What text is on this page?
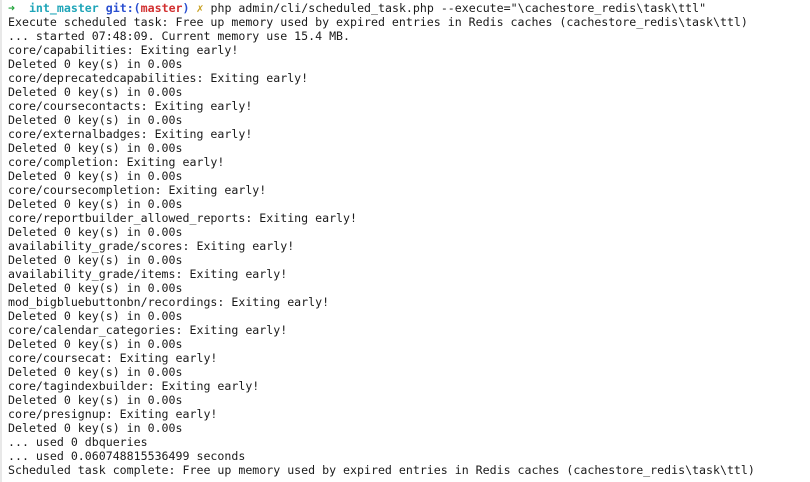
➜ int_master git:(master) ✗ php admin/cli/scheduled_task.php --execute="\cachestore_redis\task\ttl"
Execute scheduled task: Free up memory used by expired entries in Redis caches (cachestore_redis\task\ttl)
... started 07:48:09. Current memory use 15.4 MB.
core/capabilities: Exiting early!
Deleted 0 key(s) in 0.00s
core/deprecatedcapabilities: Exiting early!
Deleted 0 key(s) in 0.00s
core/coursecontacts: Exiting early!
Deleted 0 key(s) in 0.00s
core/externalbadges: Exiting early!
Deleted 0 key(s) in 0.00s
core/completion: Exiting early!
Deleted 0 key(s) in 0.00s
core/coursecompletion: Exiting early!
Deleted 0 key(s) in 0.00s
core/reportbuilder_allowed_reports: Exiting early!
Deleted 0 key(s) in 0.00s
availability_grade/scores: Exiting early!
Deleted 0 key(s) in 0.00s
availability_grade/items: Exiting early!
Deleted 0 key(s) in 0.00s
mod_bigbluebuttonbn/recordings: Exiting early!
Deleted 0 key(s) in 0.00s
core/calendar_categories: Exiting early!
Deleted 0 key(s) in 0.00s
core/coursecat: Exiting early!
Deleted 0 key(s) in 0.00s
core/tagindexbuilder: Exiting early!
Deleted 0 key(s) in 0.00s
core/presignup: Exiting early!
Deleted 0 key(s) in 0.00s
... used 0 dbqueries
... used 0.060748815536499 seconds
Scheduled task complete: Free up memory used by expired entries in Redis caches (cachestore_redis\task\ttl)
